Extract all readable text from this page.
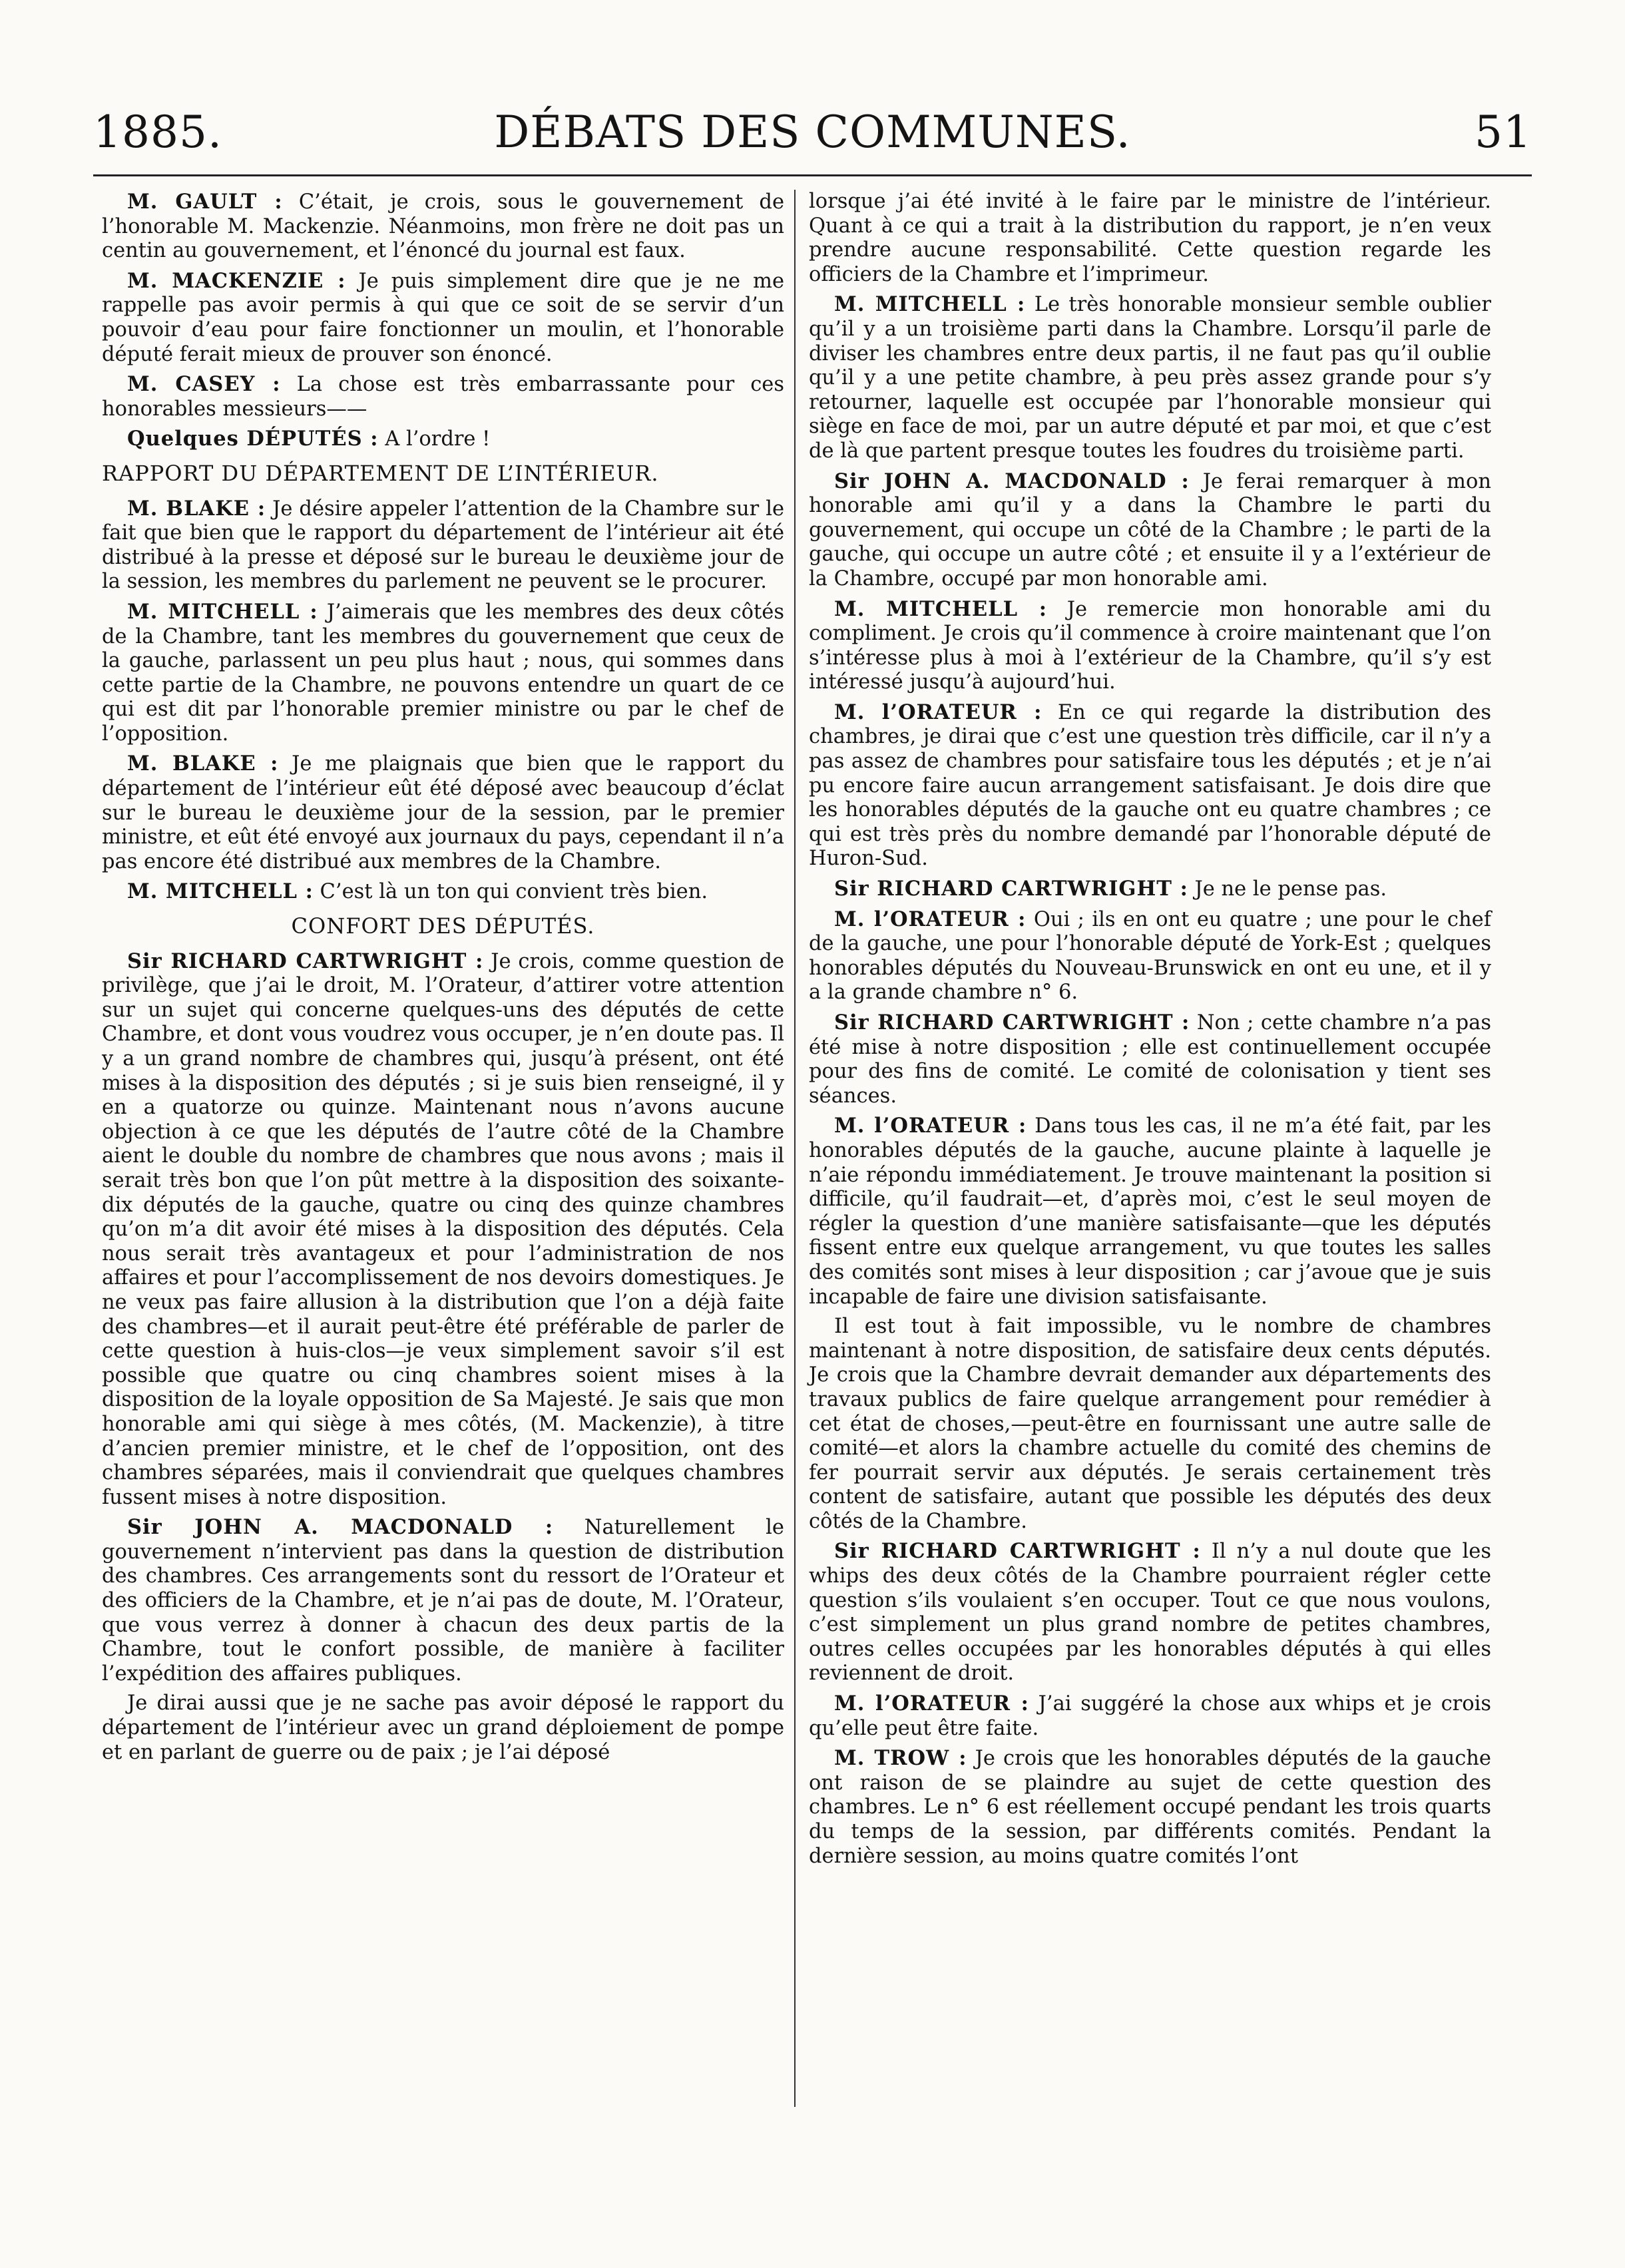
1885.	DÉBATS DES COMMUNES.	51

M. GAULT : C’était, je crois, sous le gouvernement de l’honorable M. Mackenzie. Néanmoins, mon frère ne doit pas un centin au gouvernement, et l’énoncé du journal est faux.

M. MACKENZIE : Je puis simplement dire que je ne me rappelle pas avoir permis à qui que ce soit de se servir d’un pouvoir d’eau pour faire fonctionner un moulin, et l’honorable député ferait mieux de prouver son énoncé.

M. CASEY : La chose est très embarrassante pour ces honorables messieurs——

Quelques DÉPUTÉS : A l’ordre !

RAPPORT DU DÉPARTEMENT DE L’INTÉRIEUR.

M. BLAKE : Je désire appeler l’attention de la Chambre sur le fait que bien que le rapport du département de l’intérieur ait été distribué à la presse et déposé sur le bureau le deuxième jour de la session, les membres du parlement ne peuvent se le procurer.

M. MITCHELL : J’aimerais que les membres des deux côtés de la Chambre, tant les membres du gouvernement que ceux de la gauche, parlassent un peu plus haut ; nous, qui sommes dans cette partie de la Chambre, ne pouvons entendre un quart de ce qui est dit par l’honorable premier ministre ou par le chef de l’opposition.

M. BLAKE : Je me plaignais que bien que le rapport du département de l’intérieur eût été déposé avec beaucoup d’éclat sur le bureau le deuxième jour de la session, par le premier ministre, et eût été envoyé aux journaux du pays, cependant il n’a pas encore été distribué aux membres de la Chambre.

M. MITCHELL : C’est là un ton qui convient très bien.

CONFORT DES DÉPUTÉS.

Sir RICHARD CARTWRIGHT : Je crois, comme question de privilège, que j’ai le droit, M. l’Orateur, d’attirer votre attention sur un sujet qui concerne quelques-uns des députés de cette Chambre, et dont vous voudrez vous occuper, je n’en doute pas. Il y a un grand nombre de chambres qui, jusqu’à présent, ont été mises à la disposition des députés ; si je suis bien renseigné, il y en a quatorze ou quinze. Maintenant nous n’avons aucune objection à ce que les députés de l’autre côté de la Chambre aient le double du nombre de chambres que nous avons ; mais il serait très bon que l’on pût mettre à la disposition des soixante-dix députés de la gauche, quatre ou cinq des quinze chambres qu’on m’a dit avoir été mises à la disposition des députés. Cela nous serait très avantageux et pour l’administration de nos affaires et pour l’accomplissement de nos devoirs domestiques. Je ne veux pas faire allusion à la distribution que l’on a déjà faite des chambres—et il aurait peut-être été préférable de parler de cette question à huis-clos—je veux simplement savoir s’il est possible que quatre ou cinq chambres soient mises à la disposition de la loyale opposition de Sa Majesté. Je sais que mon honorable ami qui siège à mes côtés, (M. Mackenzie), à titre d’ancien premier ministre, et le chef de l’opposition, ont des chambres séparées, mais il conviendrait que quelques chambres fussent mises à notre disposition.

Sir JOHN A. MACDONALD : Naturellement le gouvernement n’intervient pas dans la question de distribution des chambres. Ces arrangements sont du ressort de l’Orateur et des officiers de la Chambre, et je n’ai pas de doute, M. l’Orateur, que vous verrez à donner à chacun des deux partis de la Chambre, tout le confort possible, de manière à faciliter l’expédition des affaires publiques.

Je dirai aussi que je ne sache pas avoir déposé le rapport du département de l’intérieur avec un grand déploiement de pompe et en parlant de guerre ou de paix ; je l’ai déposé

lorsque j’ai été invité à le faire par le ministre de l’intérieur. Quant à ce qui a trait à la distribution du rapport, je n’en veux prendre aucune responsabilité. Cette question regarde les officiers de la Chambre et l’imprimeur.

M. MITCHELL : Le très honorable monsieur semble oublier qu’il y a un troisième parti dans la Chambre. Lorsqu’il parle de diviser les chambres entre deux partis, il ne faut pas qu’il oublie qu’il y a une petite chambre, à peu près assez grande pour s’y retourner, laquelle est occupée par l’honorable monsieur qui siège en face de moi, par un autre député et par moi, et que c’est de là que partent presque toutes les foudres du troisième parti.

Sir JOHN A. MACDONALD : Je ferai remarquer à mon honorable ami qu’il y a dans la Chambre le parti du gouvernement, qui occupe un côté de la Chambre ; le parti de la gauche, qui occupe un autre côté ; et ensuite il y a l’extérieur de la Chambre, occupé par mon honorable ami.

M. MITCHELL : Je remercie mon honorable ami du compliment. Je crois qu’il commence à croire maintenant que l’on s’intéresse plus à moi à l’extérieur de la Chambre, qu’il s’y est intéressé jusqu’à aujourd’hui.

M. l’ORATEUR : En ce qui regarde la distribution des chambres, je dirai que c’est une question très difficile, car il n’y a pas assez de chambres pour satisfaire tous les députés ; et je n’ai pu encore faire aucun arrangement satisfaisant. Je dois dire que les honorables députés de la gauche ont eu quatre chambres ; ce qui est très près du nombre demandé par l’honorable député de Huron-Sud.

Sir RICHARD CARTWRIGHT : Je ne le pense pas.

M. l’ORATEUR : Oui ; ils en ont eu quatre ; une pour le chef de la gauche, une pour l’honorable député de York-Est ; quelques honorables députés du Nouveau-Brunswick en ont eu une, et il y a la grande chambre n° 6.

Sir RICHARD CARTWRIGHT : Non ; cette chambre n’a pas été mise à notre disposition ; elle est continuellement occupée pour des fins de comité. Le comité de colonisation y tient ses séances.

M. l’ORATEUR : Dans tous les cas, il ne m’a été fait, par les honorables députés de la gauche, aucune plainte à laquelle je n’aie répondu immédiatement. Je trouve maintenant la position si difficile, qu’il faudrait—et, d’après moi, c’est le seul moyen de régler la question d’une manière satisfaisante—que les députés fissent entre eux quelque arrangement, vu que toutes les salles des comités sont mises à leur disposition ; car j’avoue que je suis incapable de faire une division satisfaisante.

Il est tout à fait impossible, vu le nombre de chambres maintenant à notre disposition, de satisfaire deux cents députés. Je crois que la Chambre devrait demander aux départements des travaux publics de faire quelque arrangement pour remédier à cet état de choses,—peut-être en fournissant une autre salle de comité—et alors la chambre actuelle du comité des chemins de fer pourrait servir aux députés. Je serais certainement très content de satisfaire, autant que possible les députés des deux côtés de la Chambre.

Sir RICHARD CARTWRIGHT : Il n’y a nul doute que les whips des deux côtés de la Chambre pourraient régler cette question s’ils voulaient s’en occuper. Tout ce que nous voulons, c’est simplement un plus grand nombre de petites chambres, outres celles occupées par les honorables députés à qui elles reviennent de droit.

M. l’ORATEUR : J’ai suggéré la chose aux whips et je crois qu’elle peut être faite.

M. TROW : Je crois que les honorables députés de la gauche ont raison de se plaindre au sujet de cette question des chambres. Le n° 6 est réellement occupé pendant les trois quarts du temps de la session, par différents comités. Pendant la dernière session, au moins quatre comités l’ont
